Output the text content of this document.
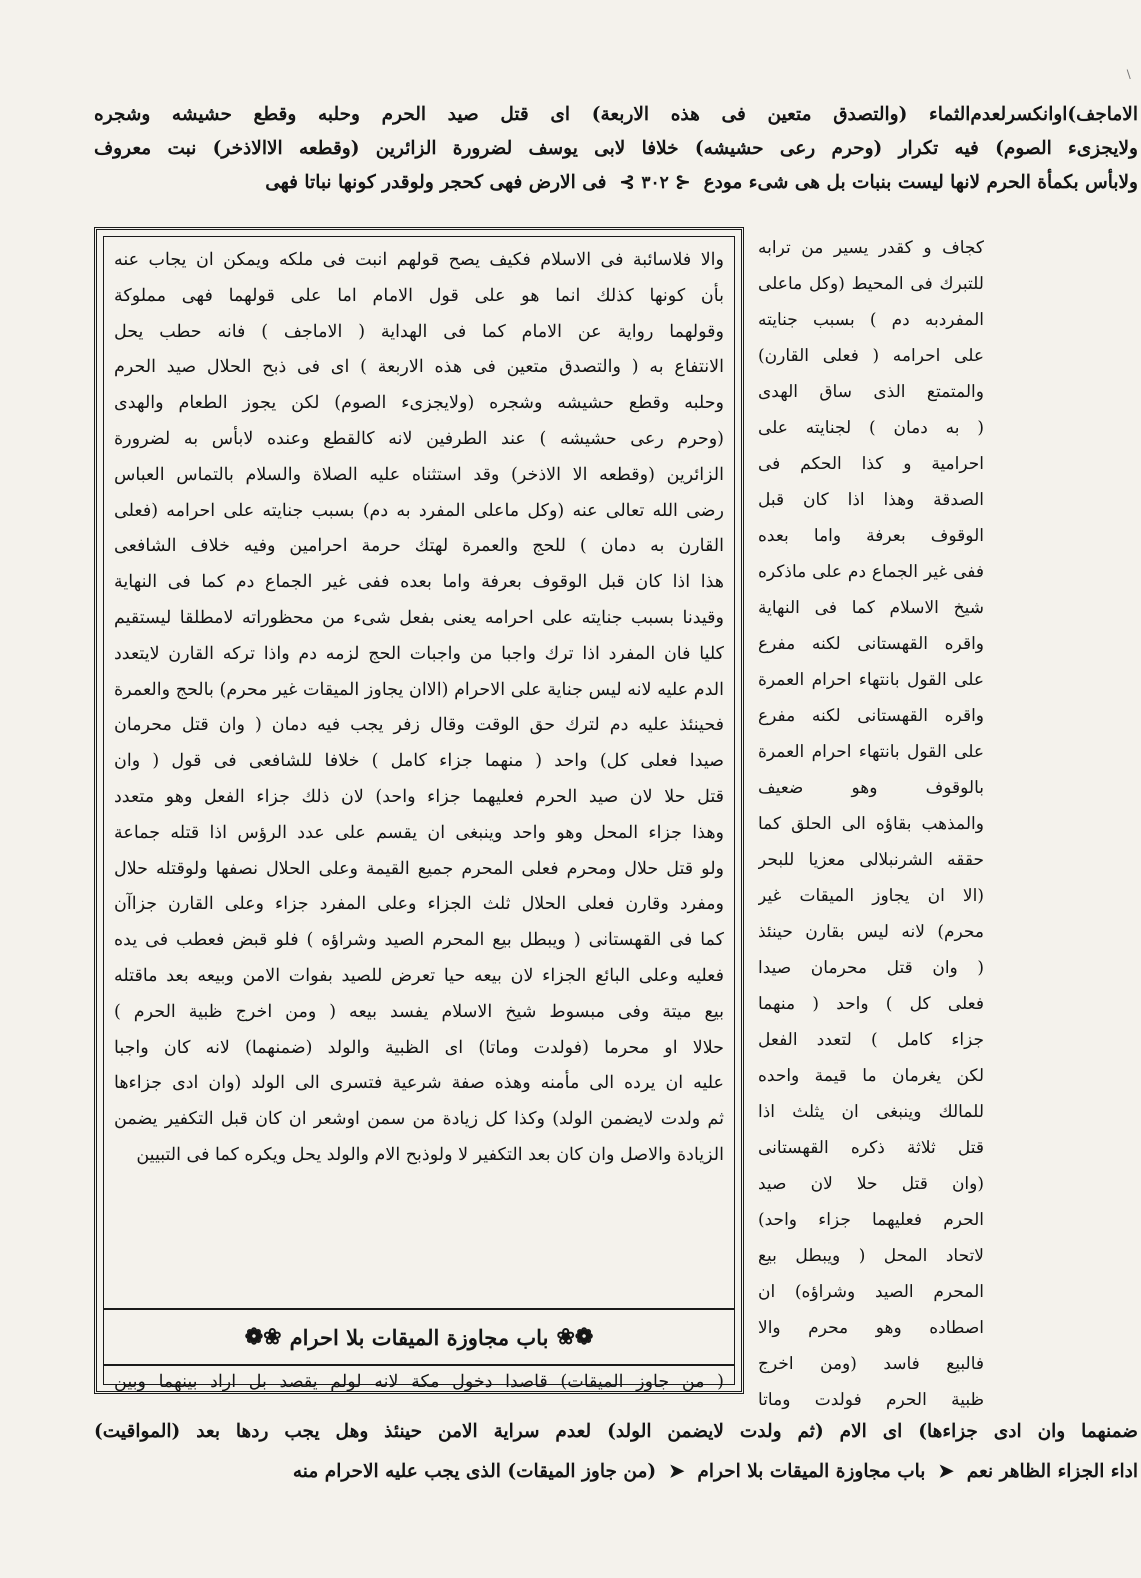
الاماجف)اوانكسرلعدم‌الثماء (والتصدق متعين فى هذه الاربعة) اى قتل صيد الحرم وحلبه وقطع حشيشه وشجره
ولايجزىء الصوم) فيه تكرار (وحرم رعى حشيشه) خلافا لابى يوسف لضرورة الزائرين (وقطعه الاالاذخر) نبت معروف
ولابأس بكمأة الحرم لانها ليست بنبات بل هى شىء مودع  ⊰ ٣٠٢ ⊱  فى الارض فهى كحجر ولوقدر كونها نباتا فهى
كجاف و كقدر يسير من ترابه
للتبرك فى المحيط (وكل ماعلى
المفردبه دم ) بسبب جنايته
على احرامه ( فعلى القارن)
والمتمتع الذى ساق الهدى
( به دمان ) لجنايته على
احرامية و كذا الحكم فى
الصدقة وهذا اذا كان قبل
الوقوف بعرفة واما بعده
ففى غير الجماع دم على ماذكره
شيخ الاسلام كما فى النهاية
واقره القهستانى لكنه مفرع
على القول بانتهاء احرام العمرة
واقره القهستانى لكنه مفرع
على القول بانتهاء احرام العمرة
بالوقوف وهو ضعيف
والمذهب بقاؤه الى الحلق كما
حققه الشرنبلالى معزيا للبحر
(الا ان يجاوز الميقات غير
محرم) لانه ليس بقارن حينئذ
( وان قتل محرمان صيدا
فعلى كل ) واحد ( منهما
جزاء كامل ) لتعدد الفعل
لكن يغرمان ما قيمة واحده
للمالك وينبغى ان يثلث اذا
قتل ثلاثة ذكره القهستانى
(وان قتل حلا لان صيد
الحرم فعليهما جزاء واحد)
لاتحاد المحل ( ويبطل بيع
المحرم الصيد وشراؤه) ان
اصطاده وهو محرم والا
فالبيع فاسد (ومن اخرج
ظبية الحرم فولدت وماتا
والا فلاسائبة فى الاسلام فكيف يصح قولهم انبت فى ملكه ويمكن ان يجاب عنه
بأن كونها كذلك انما هو على قول الامام اما على قولهما فهى مملوكة
وقولهما رواية عن الامام كما فى الهداية ( الاماجف ) فانه حطب يحل
الانتفاع به ( والتصدق متعين فى هذه الاربعة ) اى فى ذبح الحلال صيد الحرم
وحلبه وقطع حشيشه وشجره (ولايجزىء الصوم) لكن يجوز الطعام والهدى
(وحرم رعى حشيشه ) عند الطرفين لانه كالقطع وعنده لابأس به لضرورة
الزائرين (وقطعه الا الاذخر) وقد استثناه عليه الصلاة والسلام بالتماس العباس
رضى الله تعالى عنه (وكل ماعلى المفرد به دم) بسبب جنايته على احرامه (فعلى
القارن به دمان ) للحج والعمرة لهتك حرمة احرامين وفيه خلاف الشافعى
هذا اذا كان قبل الوقوف بعرفة واما بعده ففى غير الجماع دم كما فى النهاية
وقيدنا بسبب جنايته على احرامه يعنى بفعل شىء من محظوراته لامطلقا ليستقيم
كليا فان المفرد اذا ترك واجبا من واجبات الحج لزمه دم واذا تركه القارن لايتعدد
الدم عليه لانه ليس جناية على الاحرام (الاان يجاوز الميقات غير محرم) بالحج والعمرة
فحينئذ عليه دم لترك حق الوقت وقال زفر يجب فيه دمان ( وان قتل محرمان
صيدا فعلى كل) واحد ( منهما جزاء كامل ) خلافا للشافعى فى قول ( وان
قتل حلا لان صيد الحرم فعليهما جزاء واحد) لان ذلك جزاء الفعل وهو متعدد
وهذا جزاء المحل وهو واحد وينبغى ان يقسم على عدد الرؤس اذا قتله جماعة
ولو قتل حلال ومحرم فعلى المحرم جميع القيمة وعلى الحلال نصفها ولوقتله حلال
ومفرد وقارن فعلى الحلال ثلث الجزاء وعلى المفرد جزاء وعلى القارن جزاآن
كما فى القهستانى ( ويبطل بيع المحرم الصيد وشراؤه ) فلو قبض فعطب فى يده
فعليه وعلى البائع الجزاء لان بيعه حيا تعرض للصيد بفوات الامن وبيعه بعد ماقتله
بيع ميتة وفى مبسوط شيخ الاسلام يفسد بيعه ( ومن اخرج ظبية الحرم )
حلالا او محرما (فولدت وماتا) اى الظبية والولد (ضمنهما) لانه كان واجبا
عليه ان يرده الى مأمنه وهذه صفة شرعية فتسرى الى الولد (وان ادى جزاءها
ثم ولدت لايضمن الولد) وكذا كل زيادة من سمن اوشعر ان كان قبل التكفير يضمن
الزيادة والاصل وان كان بعد التكفير لا ولوذبح الام والولد يحل ويكره كما فى التبيين
❁❀
باب مجاوزة الميقات بلا احرام
❀❁
( من جاوز الميقات) قاصدا دخول مكة لانه لولم يقصد بل اراد بينهما وبين
ضمنهما وان ادى جزاءها) اى الام (ثم ولدت لايضمن الولد) لعدم سراية الامن حينئذ وهل يجب ردها بعد (المواقيت)
اداء الجزاء الظاهر نعم  ➤  باب مجاوزة الميقات بلا احرام  ➤  (من جاوز الميقات) الذى يجب عليه الاحرام منه
